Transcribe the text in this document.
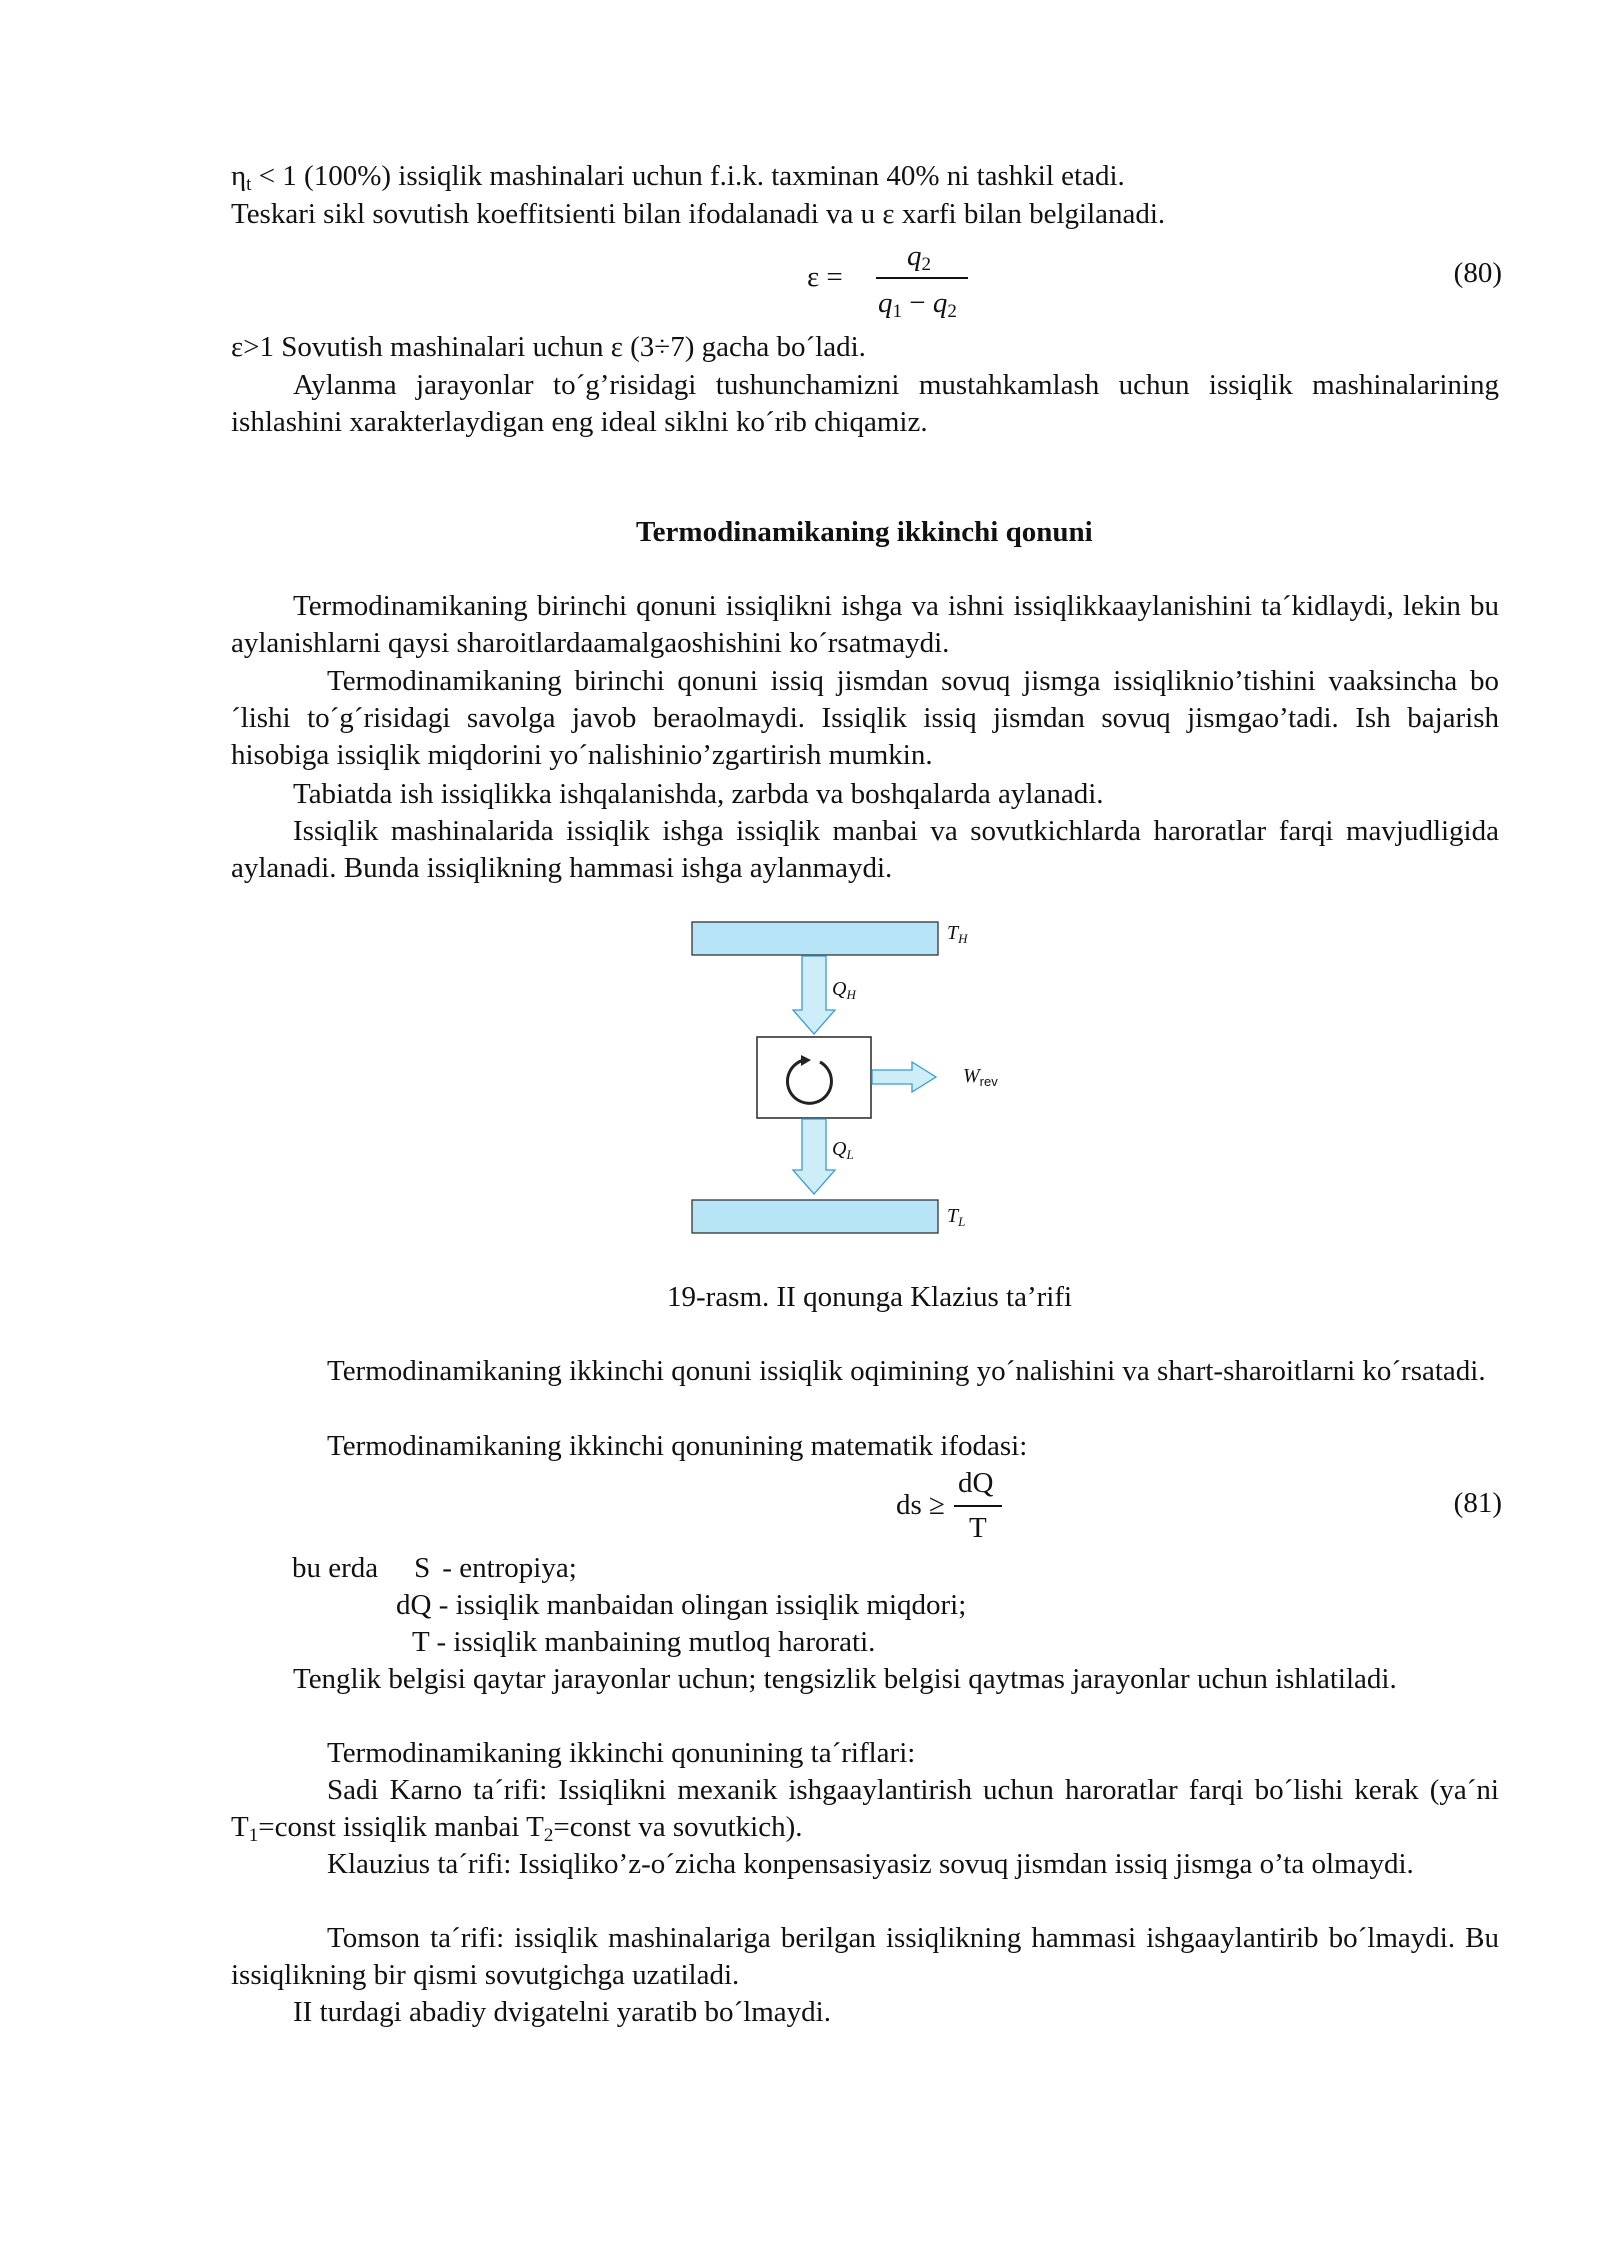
$\eta_t < 1$ (100%) issiqlik mashinalari uchun f.i.k. taxminan 40% ni tashkil etadi.

Teskari sikl sovutish koeffitsienti bilan ifodalanadi va u ε xarfi bilan belgilanadi.

ε =
$q_2$
$q_1 - q_2$
(80)

ε>1 Sovutish mashinalari uchun ε (3÷7) gacha bo´ladi.

Aylanma jarayonlar to´g’risidagi tushunchamizni mustahkamlash uchun issiqlik mashinalarining ishlashini xarakterlaydigan eng ideal siklni ko´rib chiqamiz.

Termodinamikaning ikkinchi qonuni

Termodinamikaning birinchi qonuni issiqlikni ishga va ishni issiqlikkaaylanishini ta´kidlaydi, lekin bu aylanishlarni qaysi sharoitlardaamalgaoshishini ko´rsatmaydi.

Termodinamikaning birinchi qonuni issiq jismdan sovuq jismga issiqliknio’tishini vaaksincha bo´lishi to´g´risidagi savolga javob beraolmaydi. Issiqlik issiq jismdan sovuq jismgao’tadi. Ish bajarish hisobiga issiqlik miqdorini yo´nalishinio’zgartirish mumkin.

Tabiatda ish issiqlikka ishqalanishda, zarbda va boshqalarda aylanadi.

Issiqlik mashinalarida issiqlik ishga issiqlik manbai va sovutkichlarda haroratlar farqi mavjudligida aylanadi. Bunda issiqlikning hammasi ishga aylanmaydi.

$T_H$
$Q_H$
$W_{rev}$
$Q_L$
$T_L$

19-rasm. II qonunga Klazius ta’rifi

Termodinamikaning ikkinchi qonuni issiqlik oqimining yo´nalishini va shart-sharoitlarni ko´rsatadi.

Termodinamikaning ikkinchi qonunining matematik ifodasi:

ds ≥
dQ
T
(81)

bu erda S - entropiya;

dQ - issiqlik manbaidan olingan issiqlik miqdori;

T - issiqlik manbaining mutloq harorati.

Tenglik belgisi qaytar jarayonlar uchun; tengsizlik belgisi qaytmas jarayonlar uchun ishlatiladi.

Termodinamikaning ikkinchi qonunining ta´riflari:

Sadi Karno ta´rifi: Issiqlikni mexanik ishgaaylantirish uchun haroratlar farqi bo´lishi kerak (ya´ni $T_1=const$ issiqlik manbai $T_2=const$ va sovutkich).

Klauzius ta´rifi: Issiqliko’z-o´zicha konpensasiyasiz sovuq jismdan issiq jismga o’ta olmaydi.

Tomson ta´rifi: issiqlik mashinalariga berilgan issiqlikning hammasi ishgaaylantirib bo´lmaydi. Bu issiqlikning bir qismi sovutgichga uzatiladi.

II turdagi abadiy dvigatelni yaratib bo´lmaydi.
